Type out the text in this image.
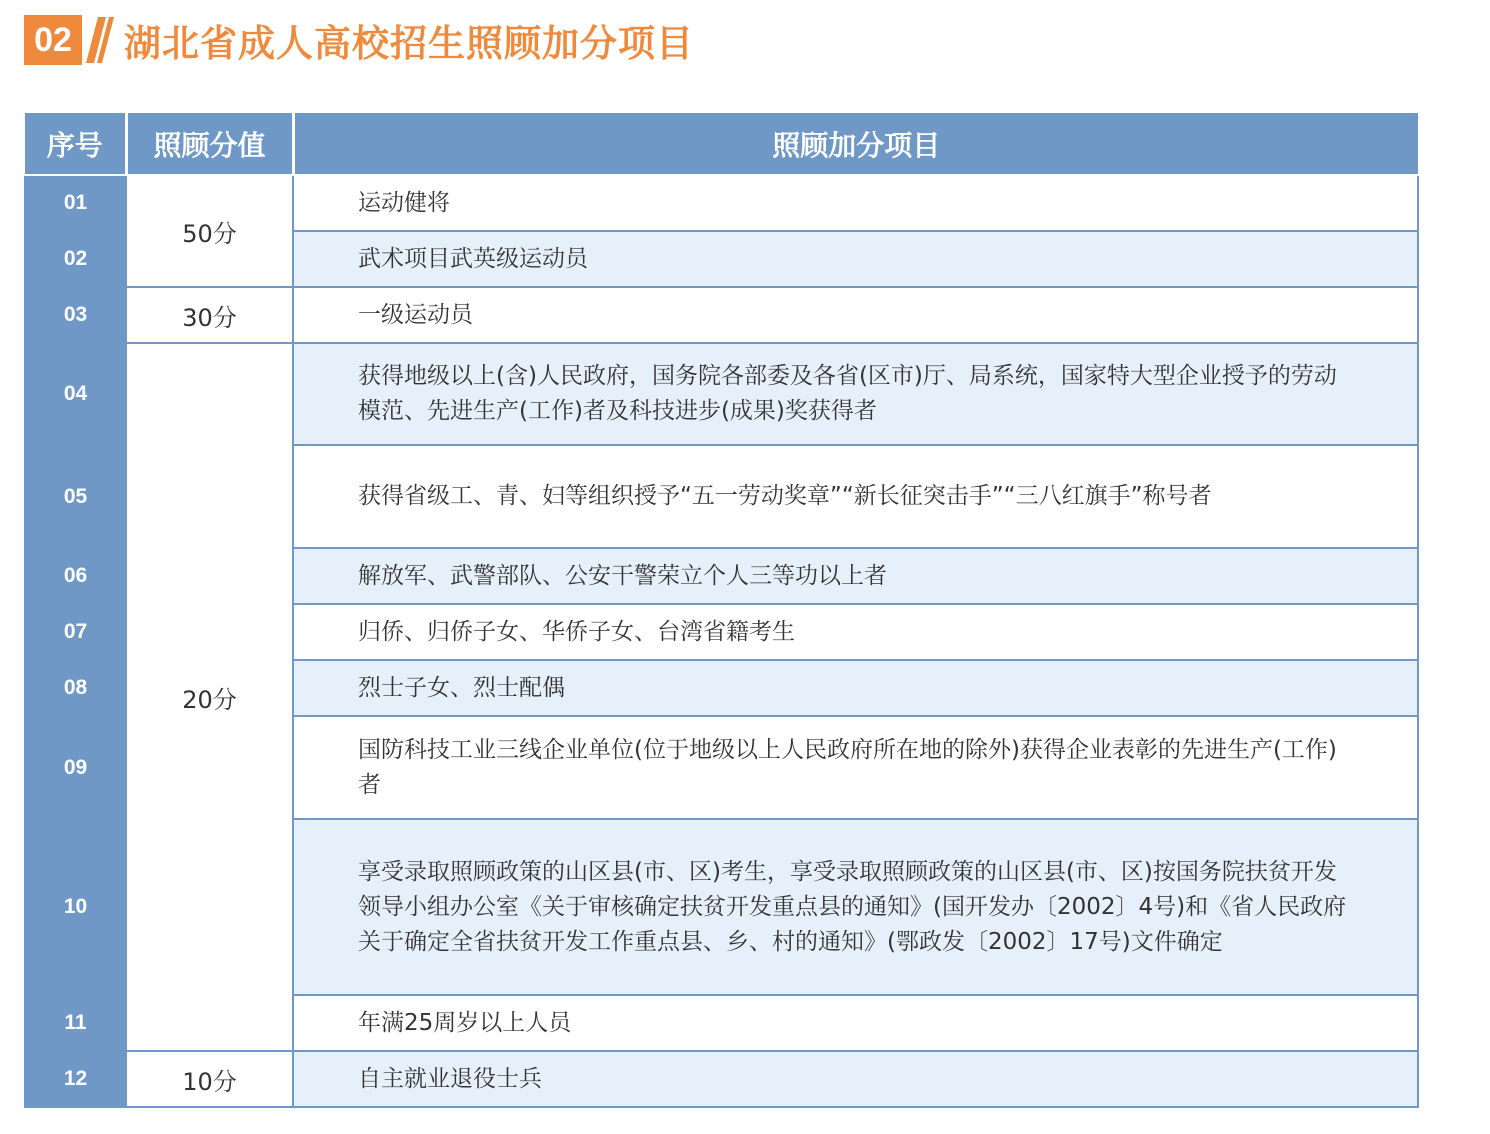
02 湖北省成人高校招生照顾加分项目
序号	照顾分值	照顾加分项目
01	50分	运动健将
02		武术项目武英级运动员
03	30分	一级运动员
04	20分	获得地级以上(含)人民政府，国务院各部委及各省(区市)厅、局系统，国家特大型企业授予的劳动模范、先进生产(工作)者及科技进步(成果)奖获得者
05		获得省级工、青、妇等组织授予“五一劳动奖章”“新长征突击手”“三八红旗手”称号者
06		解放军、武警部队、公安干警荣立个人三等功以上者
07		归侨、归侨子女、华侨子女、台湾省籍考生
08		烈士子女、烈士配偶
09		国防科技工业三线企业单位(位于地级以上人民政府所在地的除外)获得企业表彰的先进生产(工作)者
10		享受录取照顾政策的山区县(市、区)考生，享受录取照顾政策的山区县(市、区)按国务院扶贫开发领导小组办公室《关于审核确定扶贫开发重点县的通知》(国开发办〔2002〕4号)和《省人民政府关于确定全省扶贫开发工作重点县、乡、村的通知》(鄂政发〔2002〕17号)文件确定
11		年满25周岁以上人员
12	10分	自主就业退役士兵
